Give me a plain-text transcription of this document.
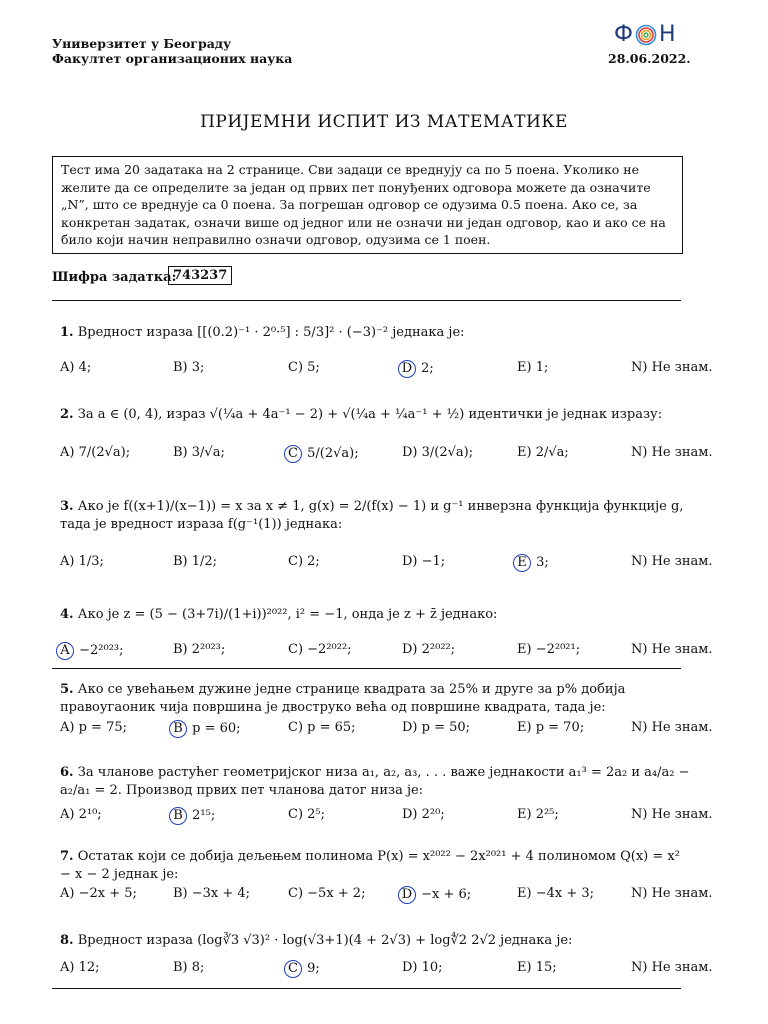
Универзитет у Београду
Факултет организационих наука	28.06.2022.
Ф Н
ПРИЈЕМНИ ИСПИТ ИЗ МАТЕМАТИКЕ
Тест има 20 задатака на 2 странице. Сви задаци се вреднују са по 5 поена. Уколико не желите да се опредeлите за један од првих пет понуђених одговора можете да означите „N”, што се вреднује са 0 поена. За погрешан одговор се одузима 0.5 поена. Ако се, за конкретан задатак, означи више од једног или не означи ни један одговор, као и ако се на било који начин неправилно означи одговор, одузима се 1 поен.
Шифра задатка:
743237
1. Вредност израза [[(0.2)⁻¹ · 2⁰·⁵] : 5/3]² · (−3)⁻² једнака је:
A) 4;	B) 3;	C) 5;	D 2;	E) 1;	N) Не знам.
2. За a ∈ (0, 4), израз √(¼a + 4a⁻¹ − 2) + √(¼a + ¼a⁻¹ + ½) идентички је једнак изразу:
A) 7/(2√a);	B) 3/√a;	C 5/(2√a);	D) 3/(2√a);	E) 2/√a;	N) Не знам.
3. Ако је f((x+1)/(x−1)) = x за x ≠ 1, g(x) = 2/(f(x) − 1) и g⁻¹ инверзна функција функције g, тада је вредност израза f(g⁻¹(1)) једнака:
A) 1/3;	B) 1/2;	C) 2;	D) −1;	E 3;	N) Не знам.
4. Ако је z = (5 − (3+7i)/(1+i))²⁰²², i² = −1, онда је z + z̄ једнако:
A −2²⁰²³;	B) 2²⁰²³;	C) −2²⁰²²;	D) 2²⁰²²;	E) −2²⁰²¹;	N) Не знам.
5. Ако се увећањем дужине једне странице квадрата за 25% и друге за p% добија правоугаоник чија површина је двоструко већа од површине квадрата, тада је:
A) p = 75;	B p = 60;	C) p = 65;	D) p = 50;	E) p = 70;	N) Не знам.
6. За чланове растућег геометријског низа a₁, a₂, a₃, . . . важе једнакости a₁³ = 2a₂ и a₄/a₂ − a₂/a₁ = 2. Производ првих пет чланова датог низа је:
A) 2¹⁰;	B 2¹⁵;	C) 2⁵;	D) 2²⁰;	E) 2²⁵;	N) Не знам.
7. Остатак који се добија дељењем полинома P(x) = x²⁰²² − 2x²⁰²¹ + 4 полиномом Q(x) = x² − x − 2 једнак је:
A) −2x + 5;	B) −3x + 4;	C) −5x + 2;	D −x + 6;	E) −4x + 3;	N) Не знам.
8. Вредност израза (log∛3 √3)² · log(√3+1)(4 + 2√3) + log∜2 2√2 једнака је:
A) 12;	B) 8;	C 9;	D) 10;	E) 15;	N) Не знам.
